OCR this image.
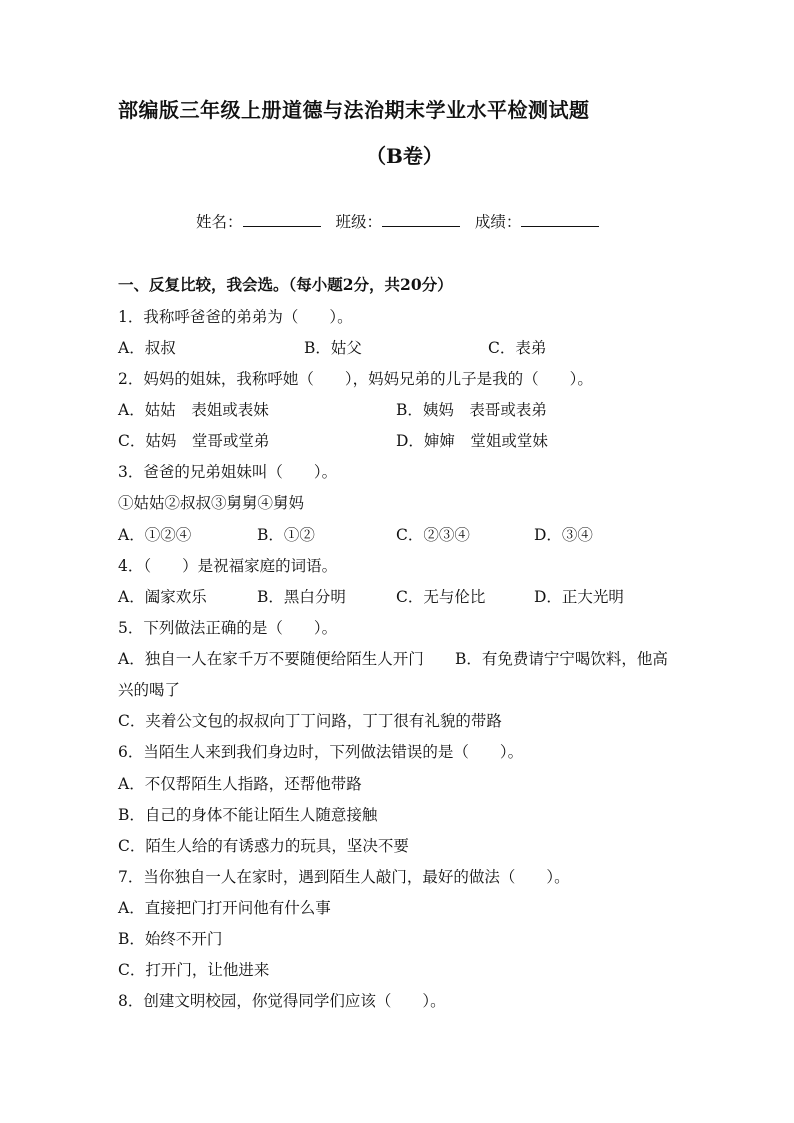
部编版三年级上册道德与法治期末学业水平检测试题
（B卷）
姓名：	班级：	成绩：
一、反复比较，我会选。（每小题2分，共20分）
1．我称呼爸爸的弟弟为（　　）。
A．叔叔	B．姑父	C．表弟
2．妈妈的姐妹，我称呼她（　　），妈妈兄弟的儿子是我的（　　）。
A．姑姑　表姐或表妹	B．姨妈　表哥或表弟
C．姑妈　堂哥或堂弟	D．婶婶　堂姐或堂妹
3．爸爸的兄弟姐妹叫（　　）。
①姑姑②叔叔③舅舅④舅妈
A．①②④	B．①②	C．②③④	D．③④
4．（　　）是祝福家庭的词语。
A．阖家欢乐	B．黑白分明	C．无与伦比	D．正大光明
5．下列做法正确的是（　　）。
A．独自一人在家千万不要随便给陌生人开门 B．有免费请宁宁喝饮料，他高
兴的喝了
C．夹着公文包的叔叔向丁丁问路，丁丁很有礼貌的带路
6．当陌生人来到我们身边时，下列做法错误的是（　　）。
A．不仅帮陌生人指路，还帮他带路
B．自己的身体不能让陌生人随意接触
C．陌生人给的有诱惑力的玩具，坚决不要
7．当你独自一人在家时，遇到陌生人敲门，最好的做法（　　）。
A．直接把门打开问他有什么事
B．始终不开门
C．打开门，让他进来
8．创建文明校园，你觉得同学们应该（　　）。
